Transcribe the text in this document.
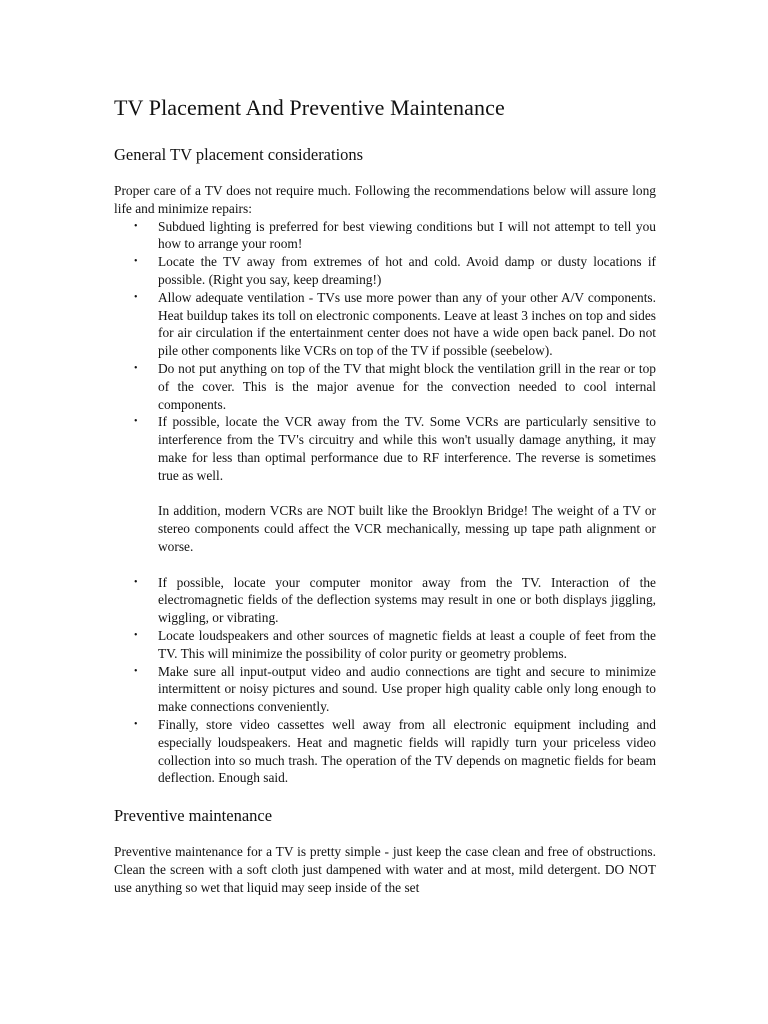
TV Placement And Preventive Maintenance
General TV placement considerations

Proper care of a TV does not require much. Following the recommendations below will assure long life and minimize repairs:

•	Subdued lighting is preferred for best viewing conditions but I will not attempt to tell you how to arrange your room!
•	Locate the TV away from extremes of hot and cold. Avoid damp or dusty locations if possible. (Right you say, keep dreaming!)
•	Allow adequate ventilation - TVs use more power than any of your other A/V components. Heat buildup takes its toll on electronic components. Leave at least 3 inches on top and sides for air circulation if the entertainment center does not have a wide open back panel. Do not pile other components like VCRs on top of the TV if possible (seebelow).
•	Do not put anything on top of the TV that might block the ventilation grill in the rear or top of the cover. This is the major avenue for the convection needed to cool internal components.
•	If possible, locate the VCR away from the TV. Some VCRs are particularly sensitive to interference from the TV's circuitry and while this won't usually damage anything, it may make for less than optimal performance due to RF interference. The reverse is sometimes true as well.
In addition, modern VCRs are NOT built like the Brooklyn Bridge! The weight of a TV or stereo components could affect the VCR mechanically, messing up tape path alignment or worse.
•	If possible, locate your computer monitor away from the TV. Interaction of the electromagnetic fields of the deflection systems may result in one or both displays jiggling, wiggling, or vibrating.
•	Locate loudspeakers and other sources of magnetic fields at least a couple of feet from the TV. This will minimize the possibility of color purity or geometry problems.
•	Make sure all input-output video and audio connections are tight and secure to minimize intermittent or noisy pictures and sound. Use proper high quality cable only long enough to make connections conveniently.
•	Finally, store video cassettes well away from all electronic equipment including and especially loudspeakers. Heat and magnetic fields will rapidly turn your priceless video collection into so much trash. The operation of the TV depends on magnetic fields for beam deflection. Enough said.
Preventive maintenance

Preventive maintenance for a TV is pretty simple - just keep the case clean and free of obstructions. Clean the screen with a soft cloth just dampened with water and at most, mild detergent. DO NOT use anything so wet that liquid may seep inside of the set
